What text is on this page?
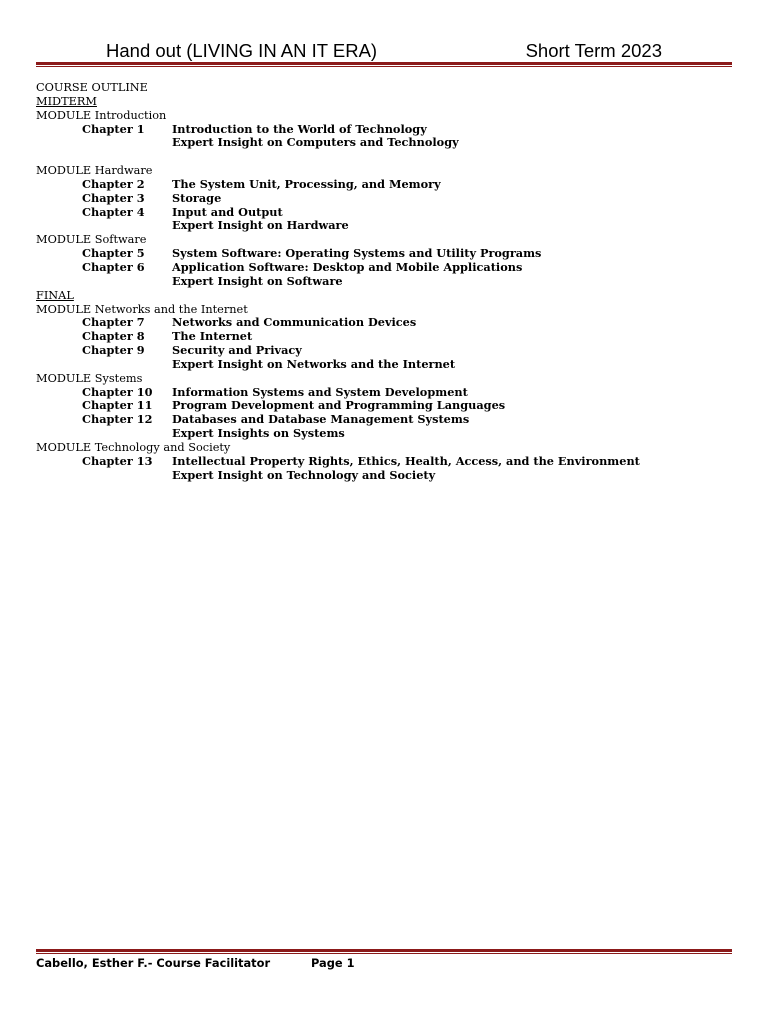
Hand out (LIVING IN AN IT ERA)	Short Term 2023
COURSE OUTLINE
MIDTERM
MODULE Introduction
Chapter 1 Introduction to the World of Technology
Expert Insight on Computers and Technology
MODULE Hardware
Chapter 2 The System Unit, Processing, and Memory
Chapter 3 Storage
Chapter 4 Input and Output
Expert Insight on Hardware
MODULE Software
Chapter 5 System Software: Operating Systems and Utility Programs
Chapter 6 Application Software: Desktop and Mobile Applications
Expert Insight on Software
FINAL
MODULE Networks and the Internet
Chapter 7 Networks and Communication Devices
Chapter 8 The Internet
Chapter 9 Security and Privacy
Expert Insight on Networks and the Internet
MODULE Systems
Chapter 10 Information Systems and System Development
Chapter 11 Program Development and Programming Languages
Chapter 12 Databases and Database Management Systems
Expert Insights on Systems
MODULE Technology and Society
Chapter 13 Intellectual Property Rights, Ethics, Health, Access, and the Environment
Expert Insight on Technology and Society
Cabello, Esther F.- Course Facilitator	Page 1
